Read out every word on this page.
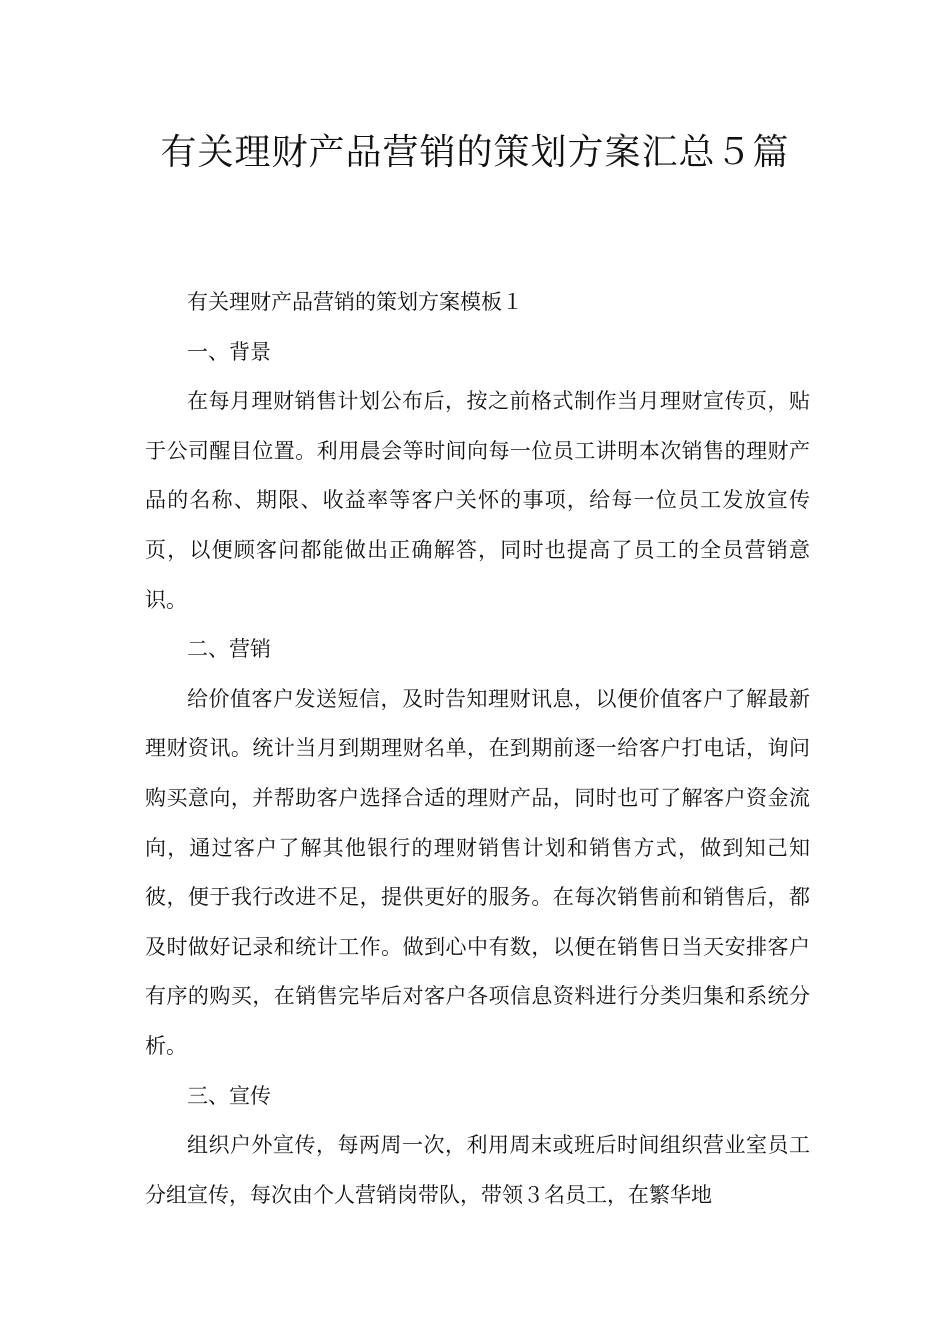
有关理财产品营销的策划方案汇总５篇

有关理财产品营销的策划方案模板１

一、背景

在每月理财销售计划公布后，按之前格式制作当月理财宣传页，贴于公司醒目位置。利用晨会等时间向每一位员工讲明本次销售的理财产品的名称、期限、收益率等客户关怀的事项，给每一位员工发放宣传页，以便顾客问都能做出正确解答，同时也提高了员工的全员营销意识。

二、营销

给价值客户发送短信，及时告知理财讯息，以便价值客户了解最新理财资讯。统计当月到期理财名单，在到期前逐一给客户打电话，询问购买意向，并帮助客户选择合适的理财产品，同时也可了解客户资金流向，通过客户了解其他银行的理财销售计划和销售方式，做到知己知彼，便于我行改进不足，提供更好的服务。在每次销售前和销售后，都及时做好记录和统计工作。做到心中有数，以便在销售日当天安排客户有序的购买，在销售完毕后对客户各项信息资料进行分类归集和系统分析。

三、宣传

组织户外宣传，每两周一次，利用周末或班后时间组织营业室员工分组宣传，每次由个人营销岗带队，带领３名员工，在繁华地
